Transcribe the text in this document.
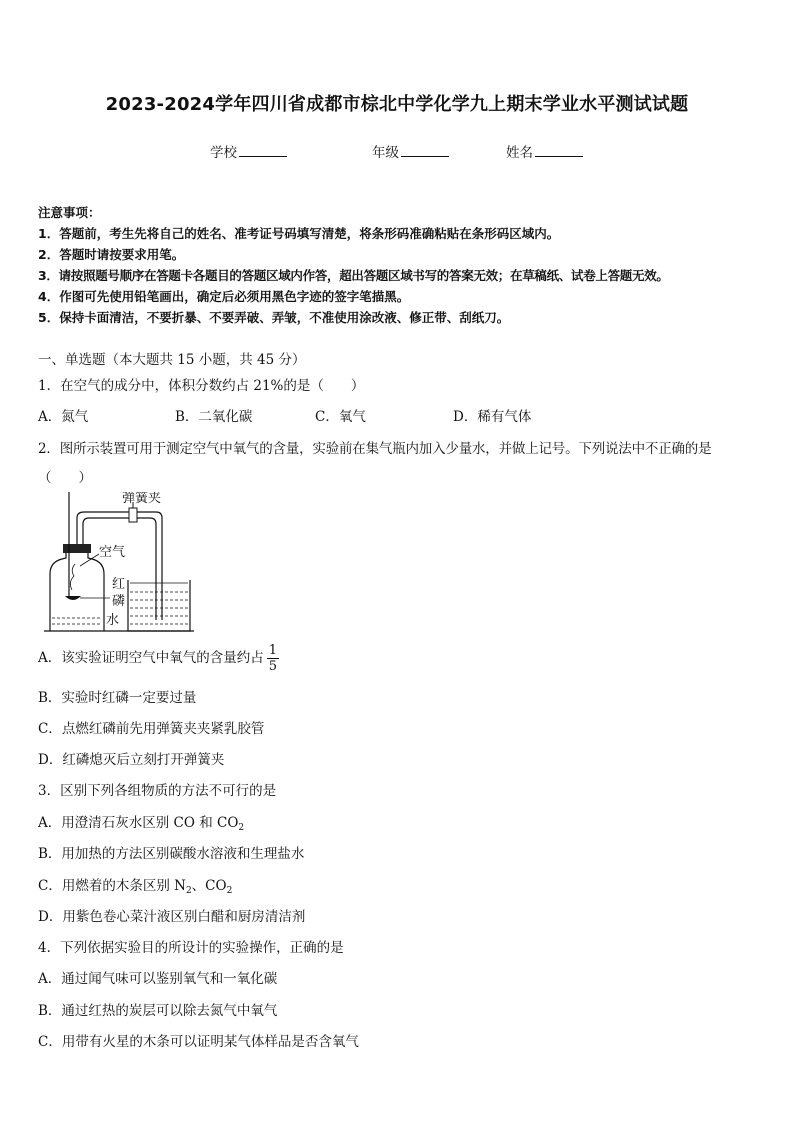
2023-2024学年四川省成都市棕北中学化学九上期末学业水平测试试题
学校	年级	姓名
注意事项：
1．答题前，考生先将自己的姓名、准考证号码填写清楚，将条形码准确粘贴在条形码区域内。
2．答题时请按要求用笔。
3．请按照题号顺序在答题卡各题目的答题区域内作答，超出答题区域书写的答案无效；在草稿纸、试卷上答题无效。
4．作图可先使用铅笔画出，确定后必须用黑色字迹的签字笔描黑。
5．保持卡面清洁，不要折暴、不要弄破、弄皱，不准使用涂改液、修正带、刮纸刀。
一、单选题（本大题共 15 小题，共 45 分）
1．在空气的成分中，体积分数约占 21%的是（　　）
A．氮气	B．二氧化碳	C．氧气	D．稀有气体
2．图所示装置可用于测定空气中氧气的含量，实验前在集气瓶内加入少量水，并做上记号。下列说法中不正确的是
（　　）
弹簧夹
空气
红
磷
水
A．该实验证明空气中氧气的含量约占 $\frac{1}{5}$
B．实验时红磷一定要过量
C．点燃红磷前先用弹簧夹夹紧乳胶管
D．红磷熄灭后立刻打开弹簧夹
3．区别下列各组物质的方法不可行的是
A．用澄清石灰水区别 CO 和 $CO_2$
B．用加热的方法区别碳酸水溶液和生理盐水
C．用燃着的木条区别 $N_2$、$CO_2$
D．用紫色卷心菜汁液区别白醋和厨房清洁剂
4．下列依据实验目的所设计的实验操作，正确的是
A．通过闻气味可以鉴别氧气和一氧化碳
B．通过红热的炭层可以除去氮气中氧气
C．用带有火星的木条可以证明某气体样品是否含氧气
